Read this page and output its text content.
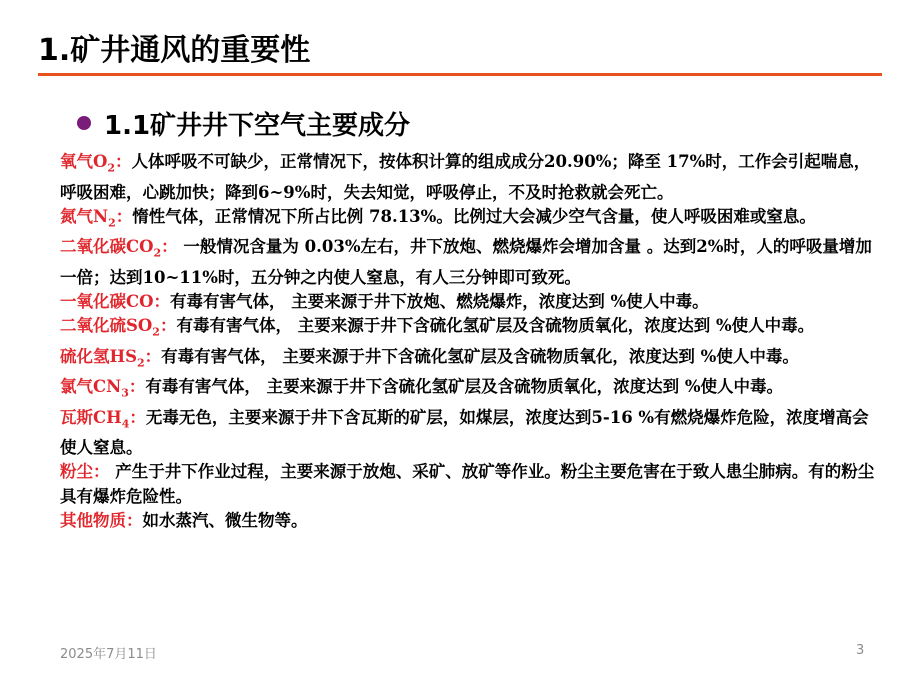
1.矿井通风的重要性
1.1矿井井下空气主要成分

氧气$O_2$：人体呼吸不可缺少，正常情况下，按体积计算的组成成分20.90%；降至 17%时，工作会引起喘息，呼吸困难，心跳加快；降到6~9%时，失去知觉，呼吸停止，不及时抢救就会死亡。

氮气$N_2$：惰性气体，正常情况下所占比例 78.13%。比例过大会减少空气含量，使人呼吸困难或窒息。

二氧化碳$CO_2$： 一般情况含量为 0.03%左右，井下放炮、燃烧爆炸会增加含量 。达到2%时，人的呼吸量增加一倍；达到10~11%时，五分钟之内使人窒息，有人三分钟即可致死。

一氧化碳CO：有毒有害气体， 主要来源于井下放炮、燃烧爆炸，浓度达到 %使人中毒。

二氧化硫$SO_2$：有毒有害气体， 主要来源于井下含硫化氢矿层及含硫物质氧化，浓度达到 %使人中毒。

硫化氢$HS_2$：有毒有害气体， 主要来源于井下含硫化氢矿层及含硫物质氧化，浓度达到 %使人中毒。

氯气$CN_3$：有毒有害气体， 主要来源于井下含硫化氢矿层及含硫物质氧化，浓度达到 %使人中毒。

瓦斯$CH_4$：无毒无色，主要来源于井下含瓦斯的矿层，如煤层，浓度达到5-16 %有燃烧爆炸危险，浓度增高会使人窒息。

粉尘： 产生于井下作业过程，主要来源于放炮、采矿、放矿等作业。粉尘主要危害在于致人患尘肺病。有的粉尘具有爆炸危险性。

其他物质：如水蒸汽、微生物等。

2025年7月11日	3
